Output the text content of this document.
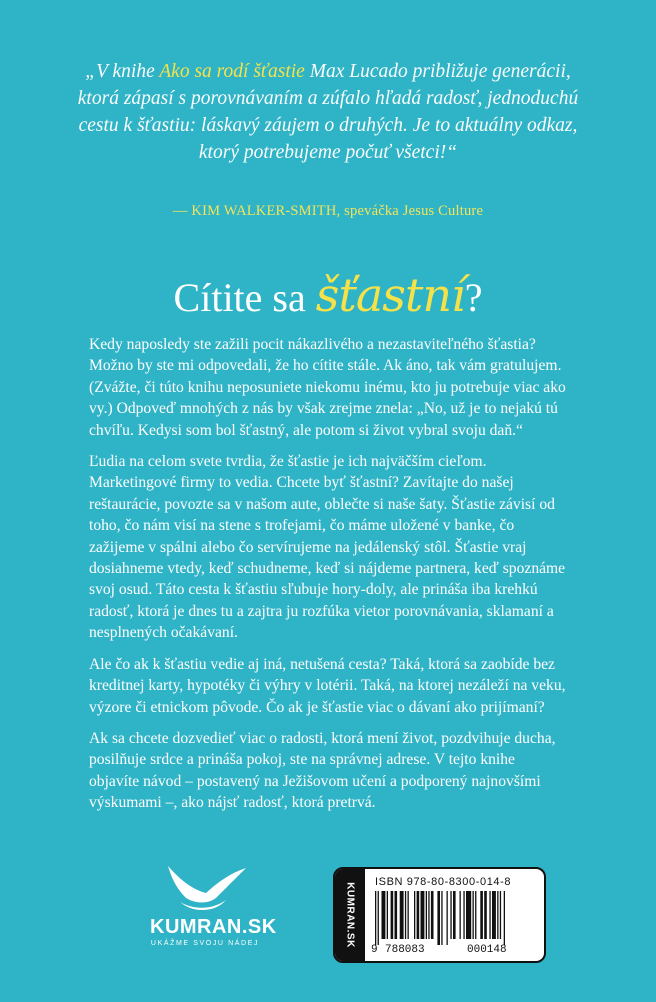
„V knihe Ako sa rodí šťastie Max Lucado približuje generácii, ktorá zápasí s porovnávaním a zúfalo hľadá radosť, jednoduchú cestu k šťastiu: láskavý záujem o druhých. Je to aktuálny odkaz, ktorý potrebujeme počuť všetci!“
— KIM WALKER-SMITH, speváčka Jesus Culture
Cítite sa šťastní?

Kedy naposledy ste zažili pocit nákazlivého a nezastaviteľného šťastia? Možno by ste mi odpovedali, že ho cítite stále. Ak áno, tak vám gratulujem. (Zvážte, či túto knihu neposuniete niekomu inému, kto ju potrebuje viac ako vy.) Odpoveď mnohých z nás by však zrejme znela: „No, už je to nejakú tú chvíľu. Kedysi som bol šťastný, ale potom si život vybral svoju daň.“

Ľudia na celom svete tvrdia, že šťastie je ich najväčším cieľom. Marketingové firmy to vedia. Chcete byť šťastní? Zavítajte do našej reštaurácie, povozte sa v našom aute, oblečte si naše šaty. Šťastie závisí od toho, čo nám visí na stene s trofejami, čo máme uložené v banke, čo zažijeme v spálni alebo čo servírujeme na jedálenský stôl. Šťastie vraj dosiahneme vtedy, keď schudneme, keď si nájdeme partnera, keď spoznáme svoj osud. Táto cesta k šťastiu sľubuje hory-doly, ale prináša iba krehkú radosť, ktorá je dnes tu a zajtra ju rozfúka vietor porovnávania, sklamaní a nesplnených očakávaní.

Ale čo ak k šťastiu vedie aj iná, netušená cesta? Taká, ktorá sa zaobíde bez kreditnej karty, hypotéky či výhry v lotérii. Taká, na ktorej nezáleží na veku, výzore či etnickom pôvode. Čo ak je šťastie viac o dávaní ako prijímaní?

Ak sa chcete dozvedieť viac o radosti, ktorá mení život, pozdvihuje ducha, posilňuje srdce a prináša pokoj, ste na správnej adrese. V tejto knihe objavíte návod – postavený na Ježišovom učení a podporený najnovšími výskumami –, ako nájsť radosť, ktorá pretrvá.

KUMRAN.SK
UKÁŽME SVOJU NÁDEJ	KUMRAN.SK
ISBN 978-80-8300-014-8
9 788083	000148
